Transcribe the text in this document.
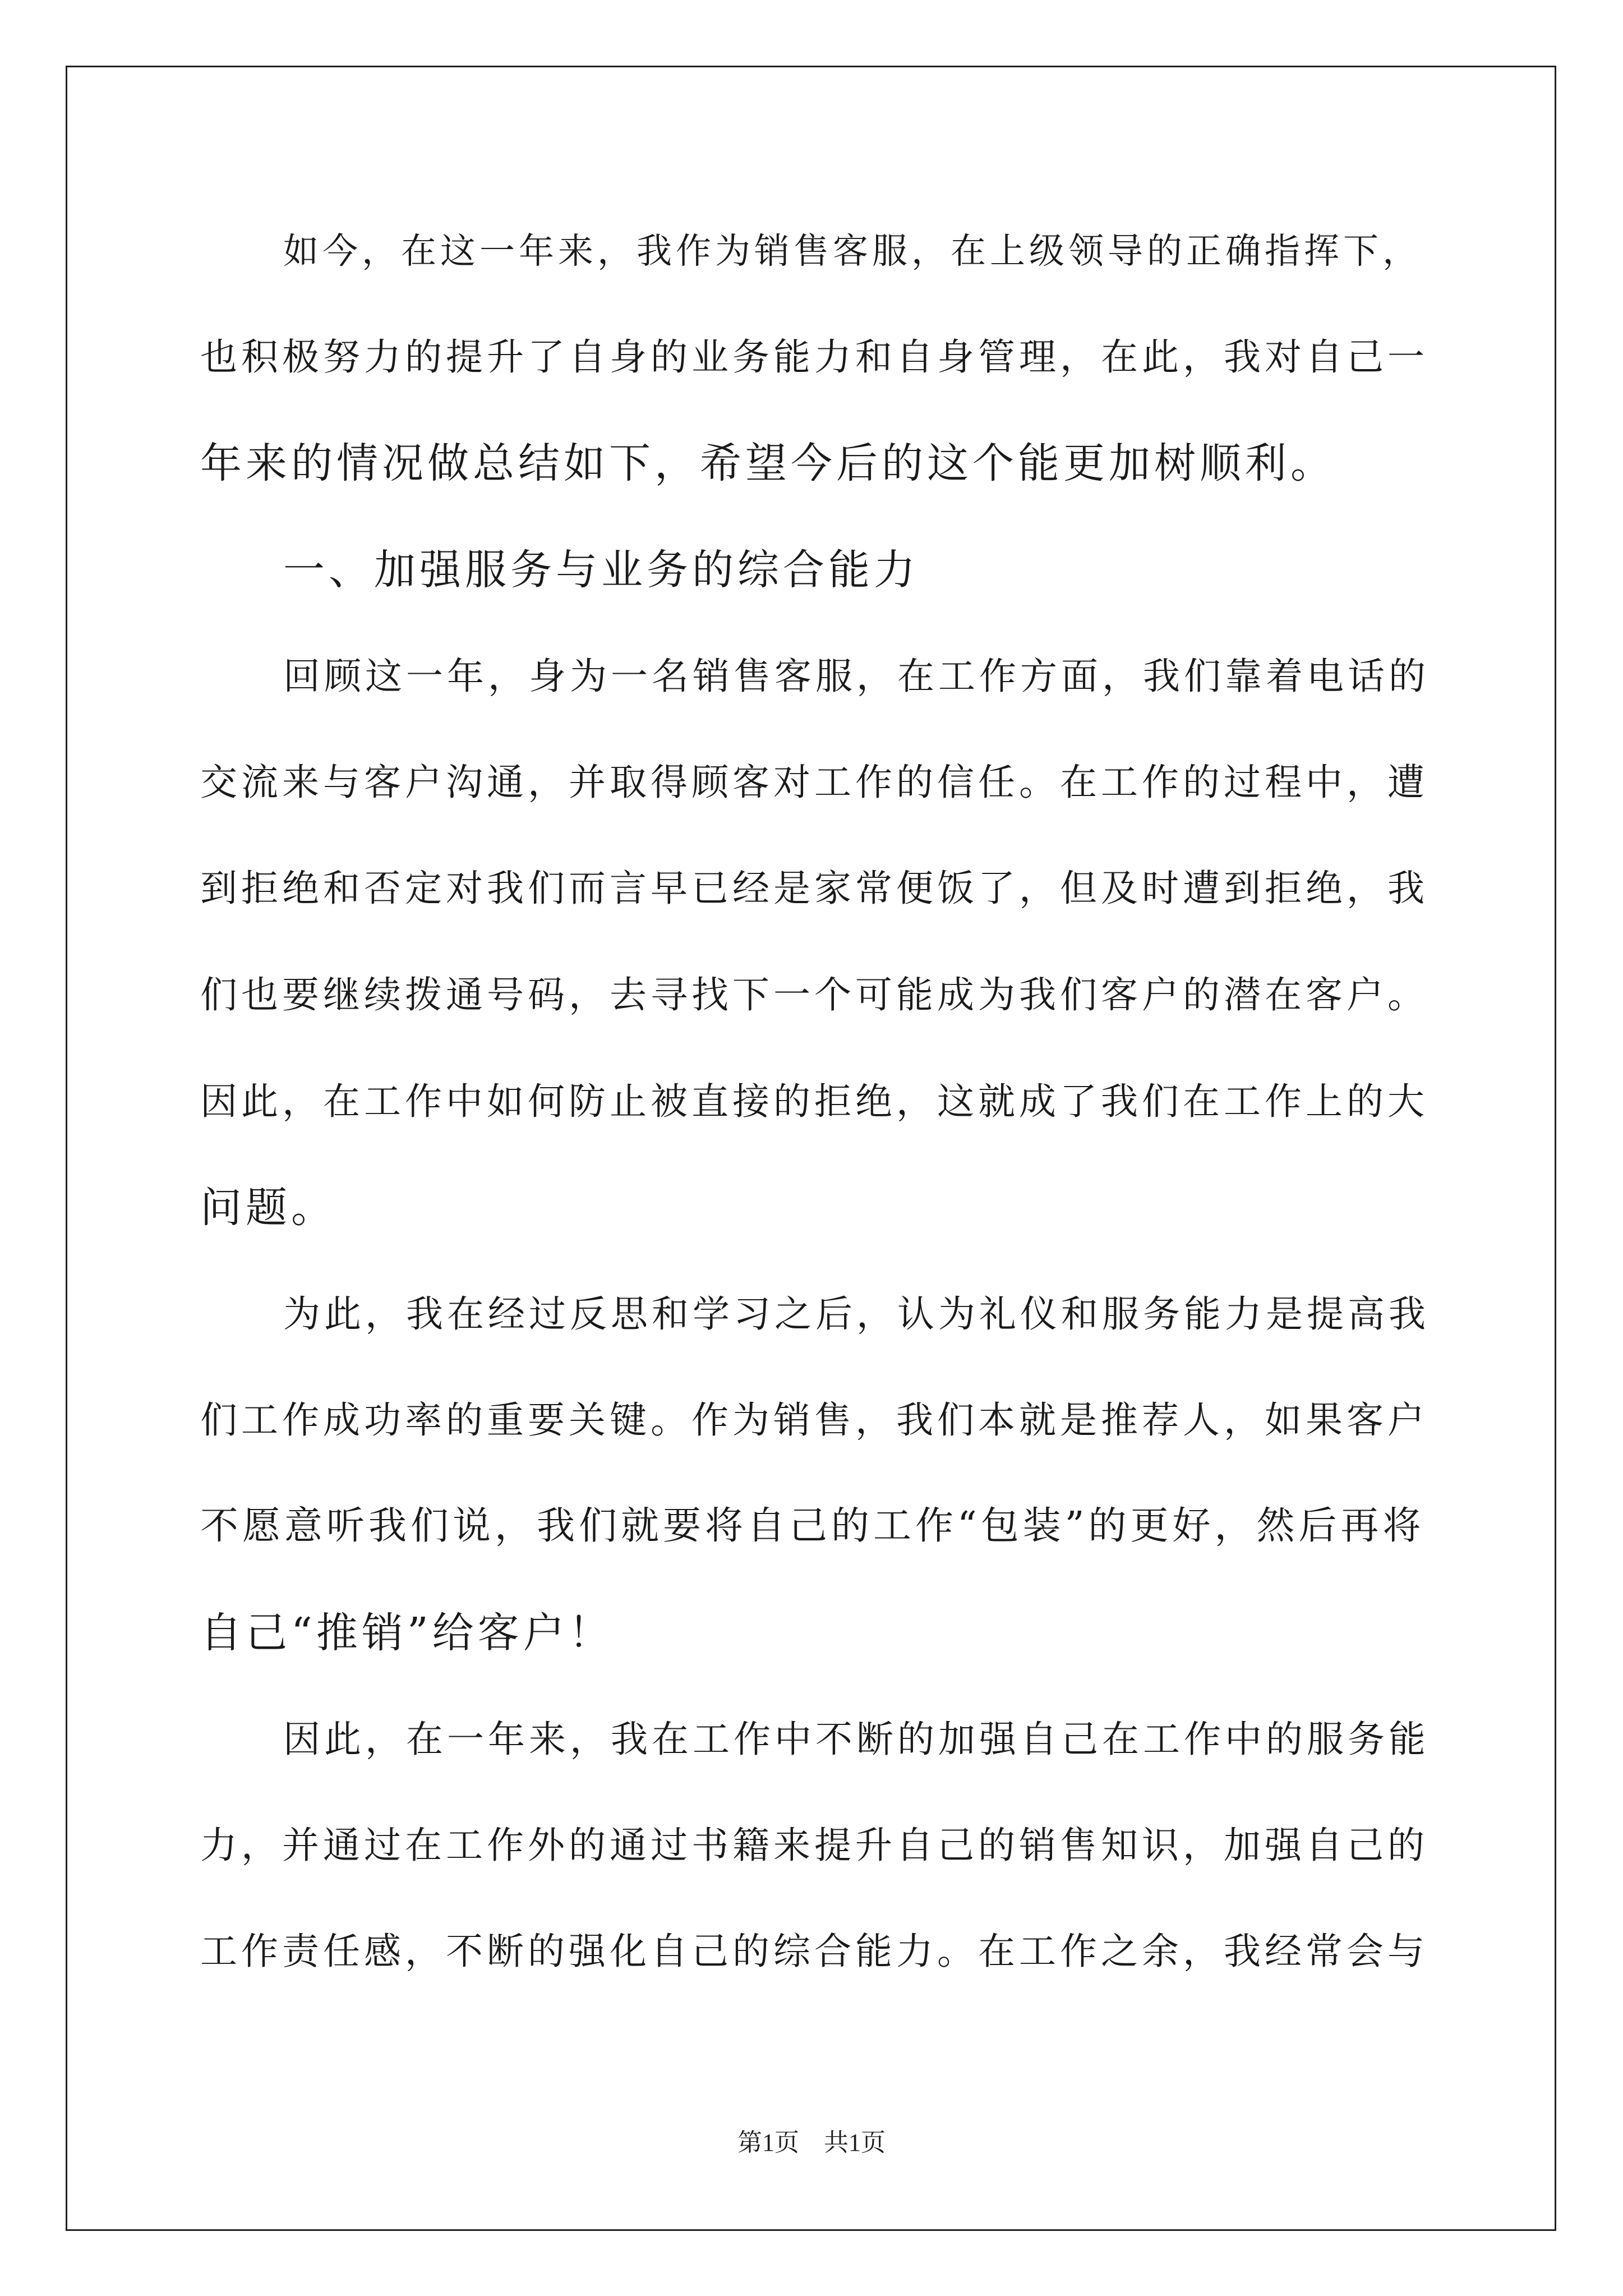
如今，在这一年来，我作为销售客服，在上级领导的正确指挥下，
也积极努力的提升了自身的业务能力和自身管理，在此，我对自己一
年来的情况做总结如下，希望今后的这个能更加树顺利。
一、加强服务与业务的综合能力
回顾这一年，身为一名销售客服，在工作方面，我们靠着电话的
交流来与客户沟通，并取得顾客对工作的信任。在工作的过程中，遭
到拒绝和否定对我们而言早已经是家常便饭了，但及时遭到拒绝，我
们也要继续拨通号码，去寻找下一个可能成为我们客户的潜在客户。
因此，在工作中如何防止被直接的拒绝，这就成了我们在工作上的大
问题。
为此，我在经过反思和学习之后，认为礼仪和服务能力是提高我
们工作成功率的重要关键。作为销售，我们本就是推荐人，如果客户
不愿意听我们说，我们就要将自己的工作“包装”的更好，然后再将
自己“推销”给客户！
因此，在一年来，我在工作中不断的加强自己在工作中的服务能
力，并通过在工作外的通过书籍来提升自己的销售知识，加强自己的
工作责任感，不断的强化自己的综合能力。在工作之余，我经常会与
第1页 共1页
